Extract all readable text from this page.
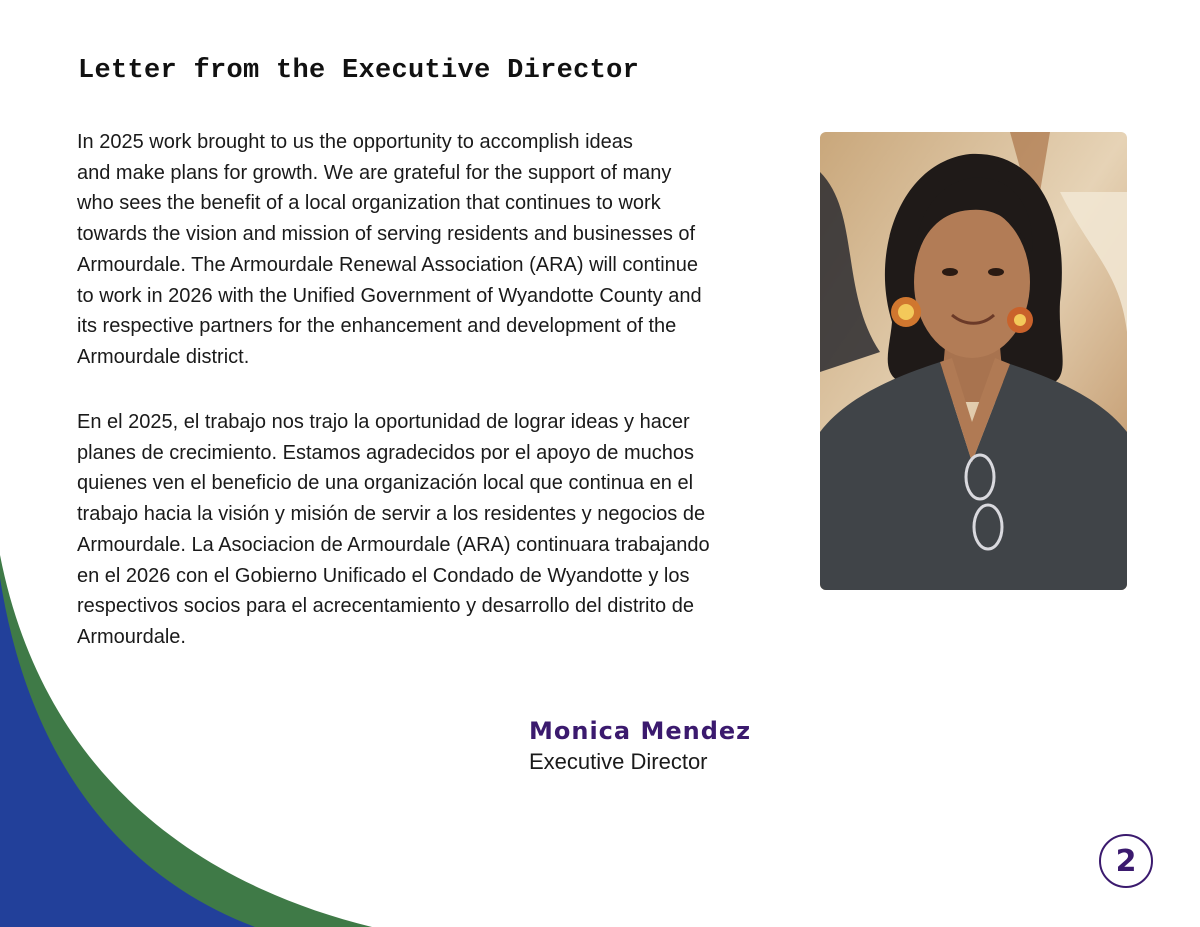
Letter from the Executive Director

In 2025 work brought to us the opportunity to accomplish ideas
and make plans for growth. We are grateful for the support of many
who sees the benefit of a local organization that continues to work
towards the vision and mission of serving residents and businesses of
Armourdale. The Armourdale Renewal Association (ARA) will continue
to work in 2026 with the Unified Government of Wyandotte County and
its respective partners for the enhancement and development of the
Armourdale district.

En el 2025, el trabajo nos trajo la oportunidad de lograr ideas y hacer
planes de crecimiento. Estamos agradecidos por el apoyo de muchos
quienes ven el beneficio de una organización local que continua en el
trabajo hacia la visión y misión de servir a los residentes y negocios de
Armourdale. La Asociacion de Armourdale (ARA) continuara trabajando
en el 2026 con el Gobierno Unificado el Condado de Wyandotte y los
respectivos socios para el acrecentamiento y desarrollo del distrito de
Armourdale.

Monica Mendez
Executive Director
2
